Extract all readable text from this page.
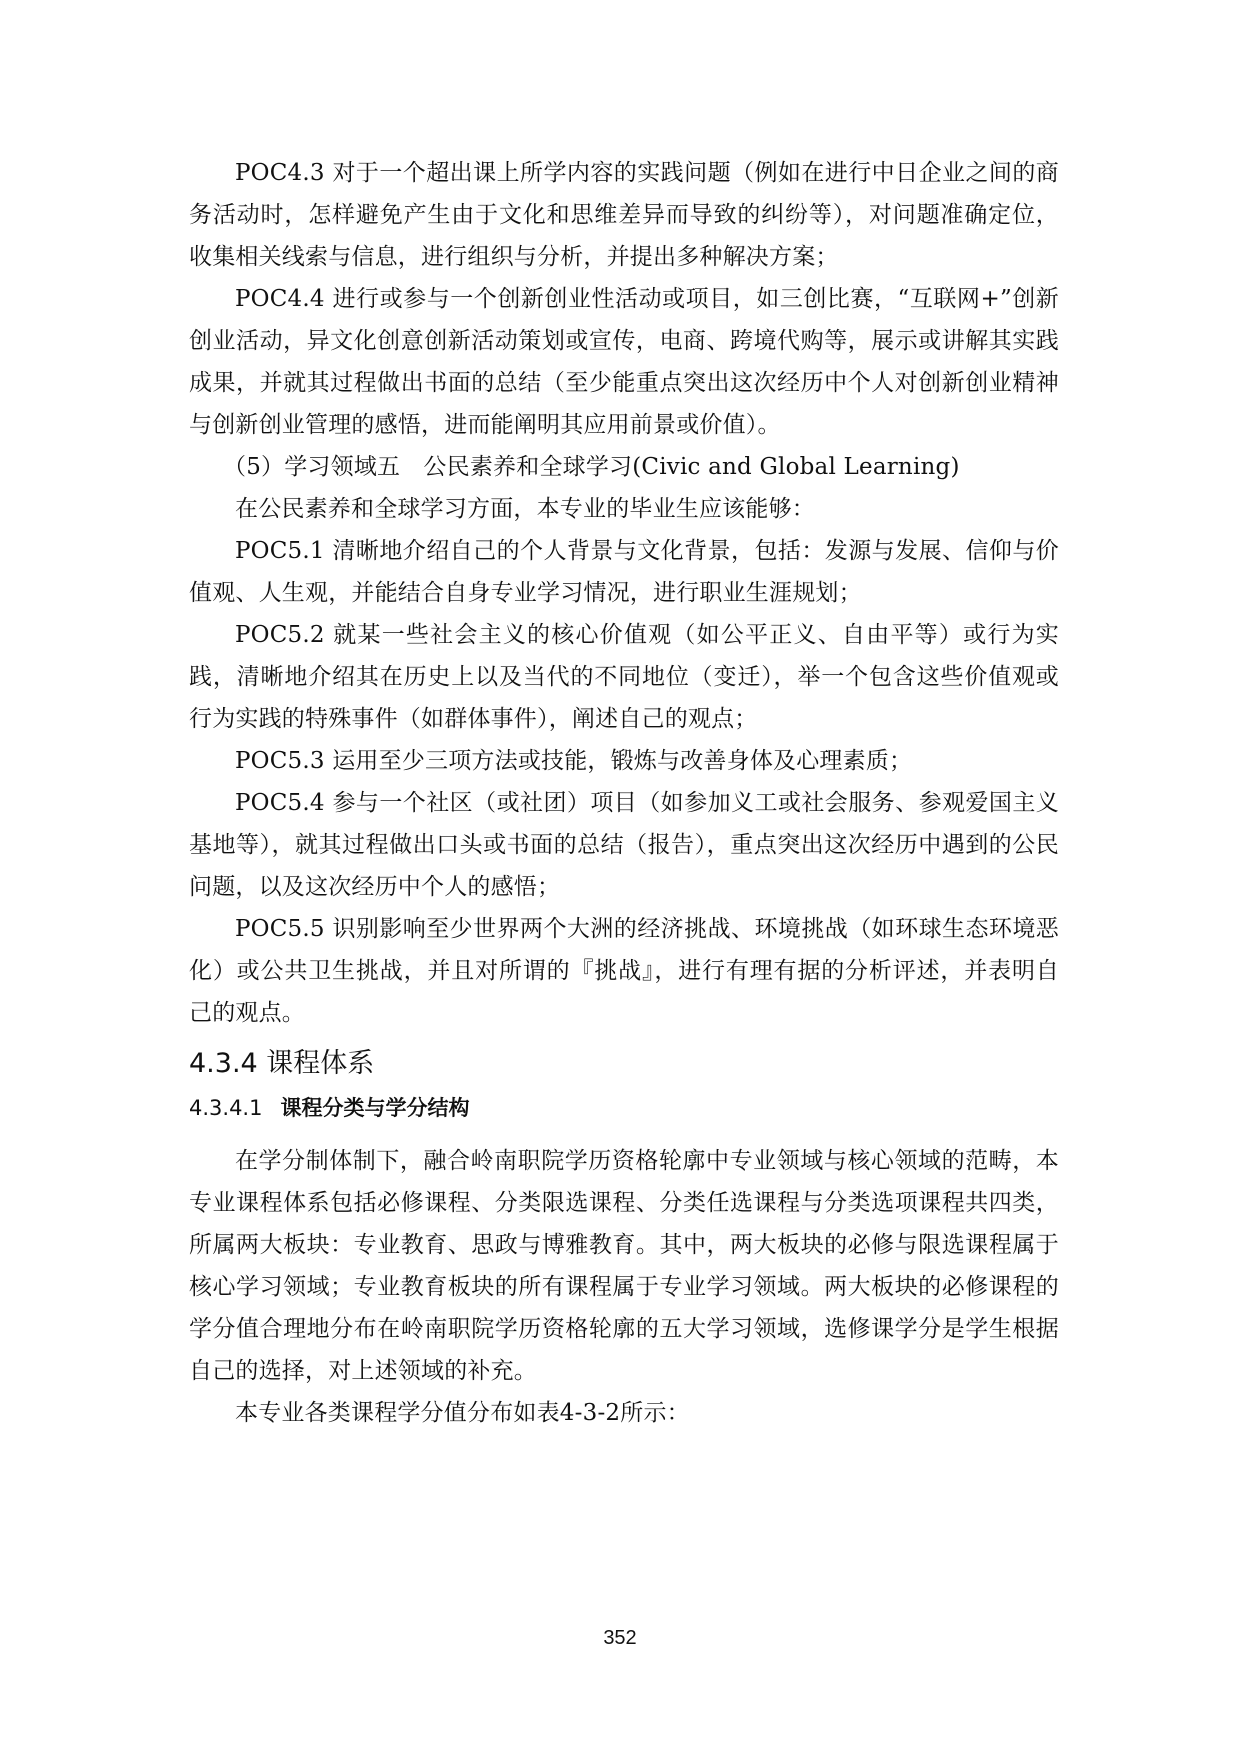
POC4.3 对于一个超出课上所学内容的实践问题（例如在进行中日企业之间的商务活动时，怎样避免产生由于文化和思维差异而导致的纠纷等），对问题准确定位，收集相关线索与信息，进行组织与分析，并提出多种解决方案；

POC4.4 进行或参与一个创新创业性活动或项目，如三创比赛，“互联网+”创新创业活动，异文化创意创新活动策划或宣传，电商、跨境代购等，展示或讲解其实践成果，并就其过程做出书面的总结（至少能重点突出这次经历中个人对创新创业精神与创新创业管理的感悟，进而能阐明其应用前景或价值）。

（5）学习领域五　公民素养和全球学习(Civic and Global Learning)

在公民素养和全球学习方面，本专业的毕业生应该能够：

POC5.1 清晰地介绍自己的个人背景与文化背景，包括：发源与发展、信仰与价值观、人生观，并能结合自身专业学习情况，进行职业生涯规划；

POC5.2 就某一些社会主义的核心价值观（如公平正义、自由平等）或行为实践，清晰地介绍其在历史上以及当代的不同地位（变迁），举一个包含这些价值观或行为实践的特殊事件（如群体事件），阐述自己的观点；

POC5.3 运用至少三项方法或技能，锻炼与改善身体及心理素质；

POC5.4 参与一个社区（或社团）项目（如参加义工或社会服务、参观爱国主义基地等），就其过程做出口头或书面的总结（报告），重点突出这次经历中遇到的公民问题，以及这次经历中个人的感悟；

POC5.5 识别影响至少世界两个大洲的经济挑战、环境挑战（如环球生态环境恶化）或公共卫生挑战，并且对所谓的『挑战』，进行有理有据的分析评述，并表明自己的观点。

4.3.4 课程体系
4.3.4.1 课程分类与学分结构

在学分制体制下，融合岭南职院学历资格轮廓中专业领域与核心领域的范畴，本专业课程体系包括必修课程、分类限选课程、分类任选课程与分类选项课程共四类，所属两大板块：专业教育、思政与博雅教育。其中，两大板块的必修与限选课程属于核心学习领域；专业教育板块的所有课程属于专业学习领域。两大板块的必修课程的学分值合理地分布在岭南职院学历资格轮廓的五大学习领域，选修课学分是学生根据自己的选择，对上述领域的补充。

本专业各类课程学分值分布如表4-3-2所示：

352
